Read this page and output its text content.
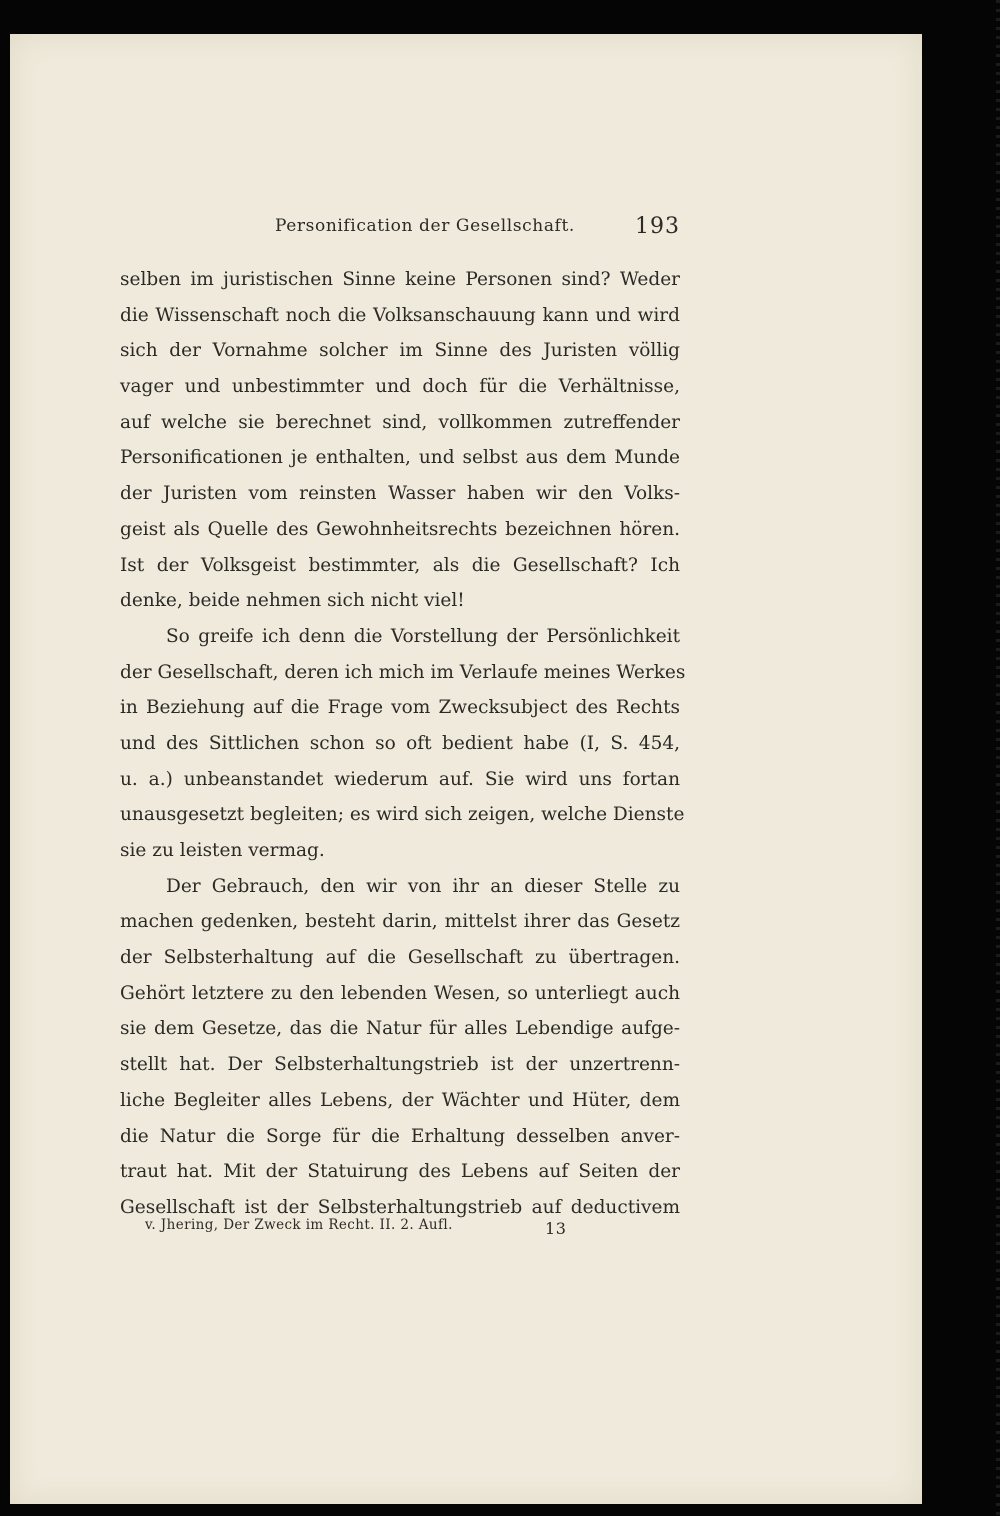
Personification der Gesellschaft.	193
selben im juristischen Sinne keine Personen sind? Weder
die Wissenschaft noch die Volksanschauung kann und wird
sich der Vornahme solcher im Sinne des Juristen völlig
vager und unbestimmter und doch für die Verhältnisse,
auf welche sie berechnet sind, vollkommen zutreffender
Personificationen je enthalten, und selbst aus dem Munde
der Juristen vom reinsten Wasser haben wir den Volks-
geist als Quelle des Gewohnheitsrechts bezeichnen hören.
Ist der Volksgeist bestimmter, als die Gesellschaft? Ich
denke, beide nehmen sich nicht viel!
So greife ich denn die Vorstellung der Persönlichkeit
der Gesellschaft, deren ich mich im Verlaufe meines Werkes
in Beziehung auf die Frage vom Zwecksubject des Rechts
und des Sittlichen schon so oft bedient habe (I, S. 454,
u. a.) unbeanstandet wiederum auf. Sie wird uns fortan
unausgesetzt begleiten; es wird sich zeigen, welche Dienste
sie zu leisten vermag.
Der Gebrauch, den wir von ihr an dieser Stelle zu
machen gedenken, besteht darin, mittelst ihrer das Gesetz
der Selbsterhaltung auf die Gesellschaft zu übertragen.
Gehört letztere zu den lebenden Wesen, so unterliegt auch
sie dem Gesetze, das die Natur für alles Lebendige aufge-
stellt hat. Der Selbsterhaltungstrieb ist der unzertrenn-
liche Begleiter alles Lebens, der Wächter und Hüter, dem
die Natur die Sorge für die Erhaltung desselben anver-
traut hat. Mit der Statuirung des Lebens auf Seiten der
Gesellschaft ist der Selbsterhaltungstrieb auf deductivem
v. Jhering, Der Zweck im Recht. II. 2. Aufl.	13
